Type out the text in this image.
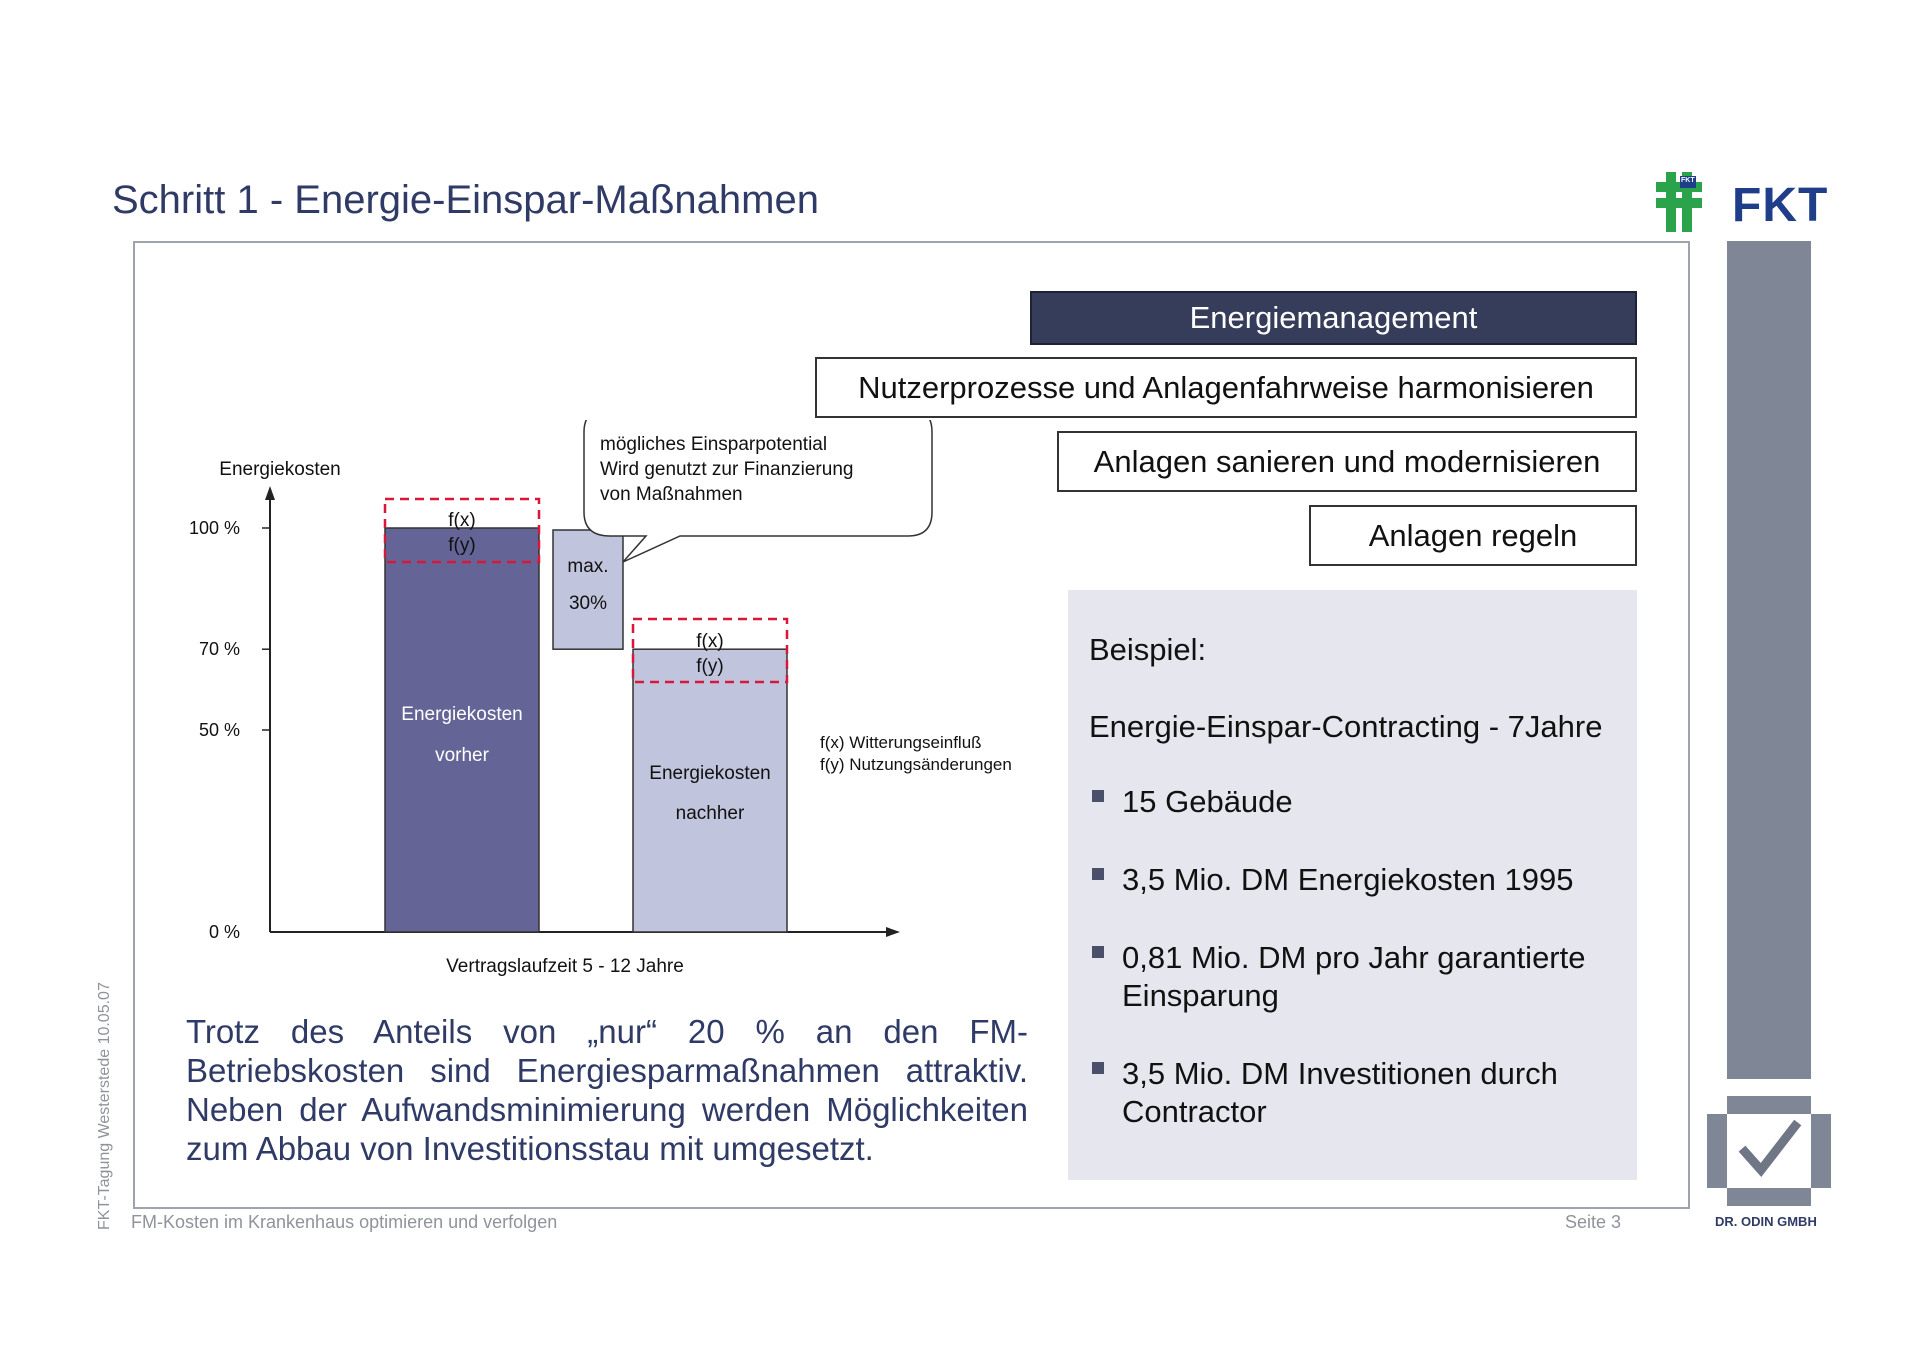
Schritt 1 - Energie-Einspar-Maßnahmen	FKT FKT
Energiemanagement
Nutzerprozesse und Anlagenfahrweise harmonisieren
Anlagen sanieren und modernisieren
Anlagen regeln
Beispiel:
Energie-Einspar-Contracting - 7Jahre
15 Gebäude
3,5 Mio. DM Energiekosten 1995
0,81 Mio. DM pro Jahr garantierte
Einsparung
3,5 Mio. DM Investitionen durch
Contractor
Trotz des Anteils von „nur“ 20 % an den FM-Betriebskosten sind Energiesparmaßnahmen attraktiv. Neben der Aufwandsminimierung werden Möglichkeiten zum Abbau von Investitionsstau mit umgesetzt.
Energiekosten
Vertragslaufzeit 5 - 12 Jahre
100 %
70 %
50 %
0 %
Energiekosten
vorher
f(x)
f(y)
max.
30%
Energiekosten
nachher
f(x)
f(y)
mögliches Einsparpotential
Wird genutzt zur Finanzierung
von Maßnahmen
f(x) Witterungseinfluß
f(y) Nutzungsänderungen
DR. ODIN GMBH
FKT-Tagung Westerstede 10.05.07 FM-Kosten im Krankenhaus optimieren und verfolgen	Seite 3
